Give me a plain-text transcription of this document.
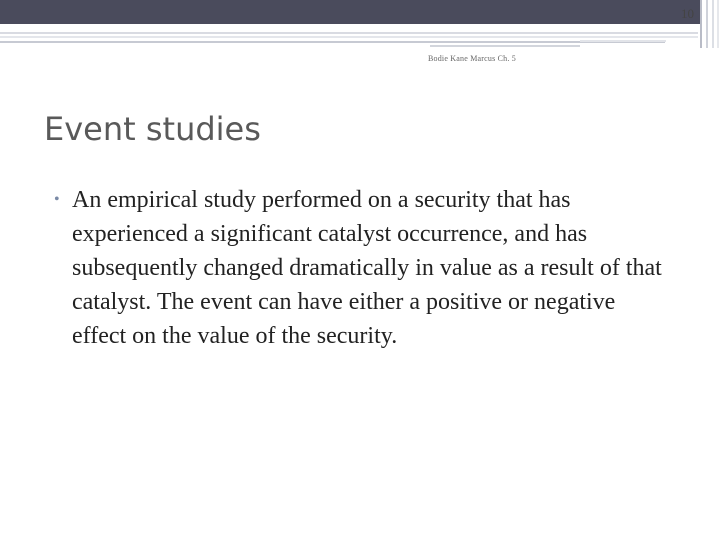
10
Bodie Kane Marcus Ch. 5
Event studies
• An empirical study performed on a security that has experienced a significant catalyst occurrence, and has subsequently changed dramatically in value as a result of that catalyst. The event can have either a positive or negative effect on the value of the security.
